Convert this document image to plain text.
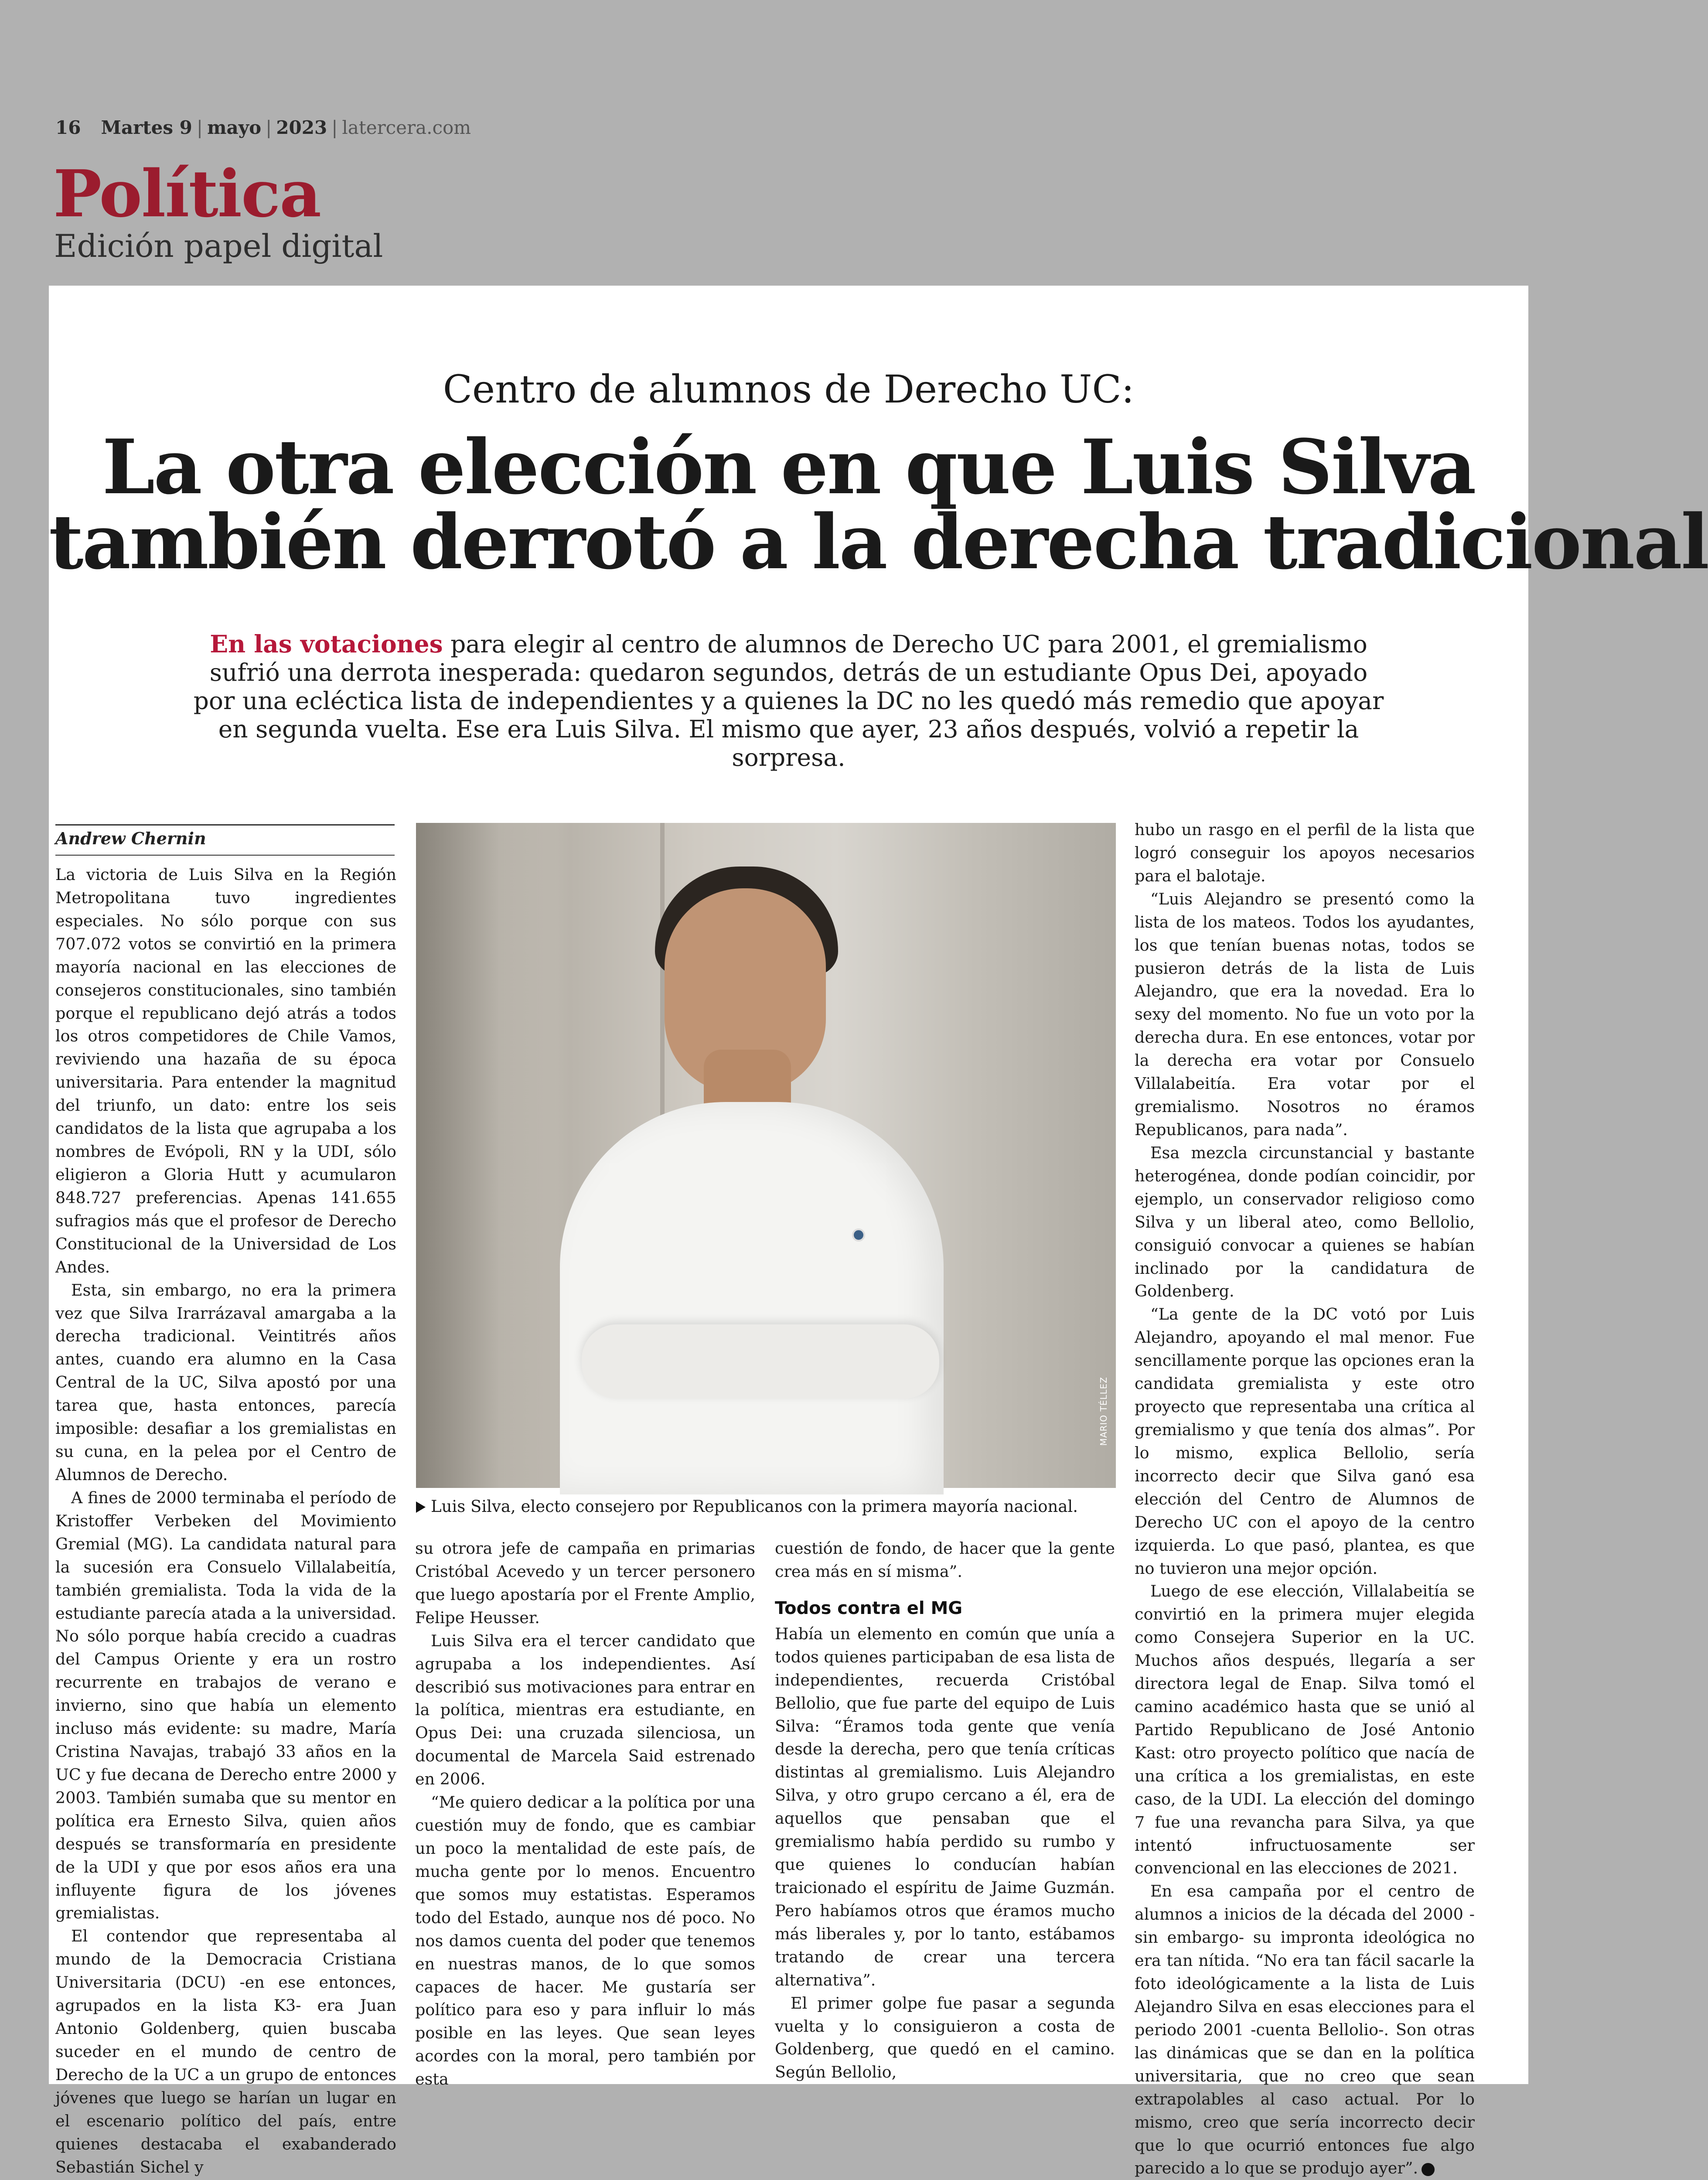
16 Martes 9 | mayo | 2023 | latercera.com
Política
Edición papel digital
Centro de alumnos de Derecho UC:
La otra elección en que Luis Silva
también derrotó a la derecha tradicional
En las votaciones para elegir al centro de alumnos de Derecho UC para 2001, el gremialismo sufrió una derrota inesperada: quedaron segundos, detrás de un estudiante Opus Dei, apoyado por una ecléctica lista de independientes y a quienes la DC no les quedó más remedio que apoyar en segunda vuelta. Ese era Luis Silva. El mismo que ayer, 23 años después, volvió a repetir la sorpresa.
Andrew Chernin

La victoria de Luis Silva en la Región Metropolitana tuvo ingredientes especiales. No sólo porque con sus 707.072 votos se convirtió en la primera mayoría nacional en las elecciones de consejeros constitucionales, sino también porque el republicano dejó atrás a todos los otros competidores de Chile Vamos, reviviendo una hazaña de su época universitaria. Para entender la magnitud del triunfo, un dato: entre los seis candidatos de la lista que agrupaba a los nombres de Evópoli, RN y la UDI, sólo eligieron a Gloria Hutt y acumularon 848.727 preferencias. Apenas 141.655 sufragios más que el profesor de Derecho Constitucional de la Universidad de Los Andes.

Esta, sin embargo, no era la primera vez que Silva Irarrázaval amargaba a la derecha tradicional. Veintitrés años antes, cuando era alumno en la Casa Central de la UC, Silva apostó por una tarea que, hasta entonces, parecía imposible: desafiar a los gremialistas en su cuna, en la pelea por el Centro de Alumnos de Derecho.

A fines de 2000 terminaba el período de Kristoffer Verbeken del Movimiento Gremial (MG). La candidata natural para la sucesión era Consuelo Villalabeitía, también gremialista. Toda la vida de la estudiante parecía atada a la universidad. No sólo porque había crecido a cuadras del Campus Oriente y era un rostro recurrente en trabajos de verano e invierno, sino que había un elemento incluso más evidente: su madre, María Cristina Navajas, trabajó 33 años en la UC y fue decana de Derecho entre 2000 y 2003. También sumaba que su mentor en política era Ernesto Silva, quien años después se transformaría en presidente de la UDI y que por esos años era una influyente figura de los jóvenes gremialistas.

El contendor que representaba al mundo de la Democracia Cristiana Universitaria (DCU) -en ese entonces, agrupados en la lista K3- era Juan Antonio Goldenberg, quien buscaba suceder en el mundo de centro de Derecho de la UC a un grupo de entonces jóvenes que luego se harían un lugar en el escenario político del país, entre quienes destacaba el exabanderado Sebastián Sichel y

MARIO TÉLLEZ
Luis Silva, electo consejero por Republicanos con la primera mayoría nacional.

su otrora jefe de campaña en primarias Cristóbal Acevedo y un tercer personero que luego apostaría por el Frente Amplio, Felipe Heusser.

Luis Silva era el tercer candidato que agrupaba a los independientes. Así describió sus motivaciones para entrar en la política, mientras era estudiante, en Opus Dei: una cruzada silenciosa, un documental de Marcela Said estrenado en 2006.

“Me quiero dedicar a la política por una cuestión muy de fondo, que es cambiar un poco la mentalidad de este país, de mucha gente por lo menos. Encuentro que somos muy estatistas. Esperamos todo del Estado, aunque nos dé poco. No nos damos cuenta del poder que tenemos en nuestras manos, de lo que somos capaces de hacer. Me gustaría ser político para eso y para influir lo más posible en las leyes. Que sean leyes acordes con la moral, pero también por esta

cuestión de fondo, de hacer que la gente crea más en sí misma”.

Todos contra el MG

Había un elemento en común que unía a todos quienes participaban de esa lista de independientes, recuerda Cristóbal Bellolio, que fue parte del equipo de Luis Silva: “Éramos toda gente que venía desde la derecha, pero que tenía críticas distintas al gremialismo. Luis Alejandro Silva, y otro grupo cercano a él, era de aquellos que pensaban que el gremialismo había perdido su rumbo y que quienes lo conducían habían traicionado el espíritu de Jaime Guzmán. Pero habíamos otros que éramos mucho más liberales y, por lo tanto, estábamos tratando de crear una tercera alternativa”.

El primer golpe fue pasar a segunda vuelta y lo consiguieron a costa de Goldenberg, que quedó en el camino. Según Bellolio,

hubo un rasgo en el perfil de la lista que logró conseguir los apoyos necesarios para el balotaje.

“Luis Alejandro se presentó como la lista de los mateos. Todos los ayudantes, los que tenían buenas notas, todos se pusieron detrás de la lista de Luis Alejandro, que era la novedad. Era lo sexy del momento. No fue un voto por la derecha dura. En ese entonces, votar por la derecha era votar por Consuelo Villalabeitía. Era votar por el gremialismo. Nosotros no éramos Republicanos, para nada”.

Esa mezcla circunstancial y bastante heterogénea, donde podían coincidir, por ejemplo, un conservador religioso como Silva y un liberal ateo, como Bellolio, consiguió convocar a quienes se habían inclinado por la candidatura de Goldenberg.

“La gente de la DC votó por Luis Alejandro, apoyando el mal menor. Fue sencillamente porque las opciones eran la candidata gremialista y este otro proyecto que representaba una crítica al gremialismo y que tenía dos almas”. Por lo mismo, explica Bellolio, sería incorrecto decir que Silva ganó esa elección del Centro de Alumnos de Derecho UC con el apoyo de la centro izquierda. Lo que pasó, plantea, es que no tuvieron una mejor opción.

Luego de ese elección, Villalabeitía se convirtió en la primera mujer elegida como Consejera Superior en la UC. Muchos años después, llegaría a ser directora legal de Enap. Silva tomó el camino académico hasta que se unió al Partido Republicano de José Antonio Kast: otro proyecto político que nacía de una crítica a los gremialistas, en este caso, de la UDI. La elección del domingo 7 fue una revancha para Silva, ya que intentó infructuosamente ser convencional en las elecciones de 2021.

En esa campaña por el centro de alumnos a inicios de la década del 2000 -sin embargo- su impronta ideológica no era tan nítida. “No era tan fácil sacarle la foto ideológicamente a la lista de Luis Alejandro Silva en esas elecciones para el periodo 2001 -cuenta Bellolio-. Son otras las dinámicas que se dan en la política universitaria, que no creo que sean extrapolables al caso actual. Por lo mismo, creo que sería incorrecto decir que lo que ocurrió entonces fue algo parecido a lo que se produjo ayer”.
